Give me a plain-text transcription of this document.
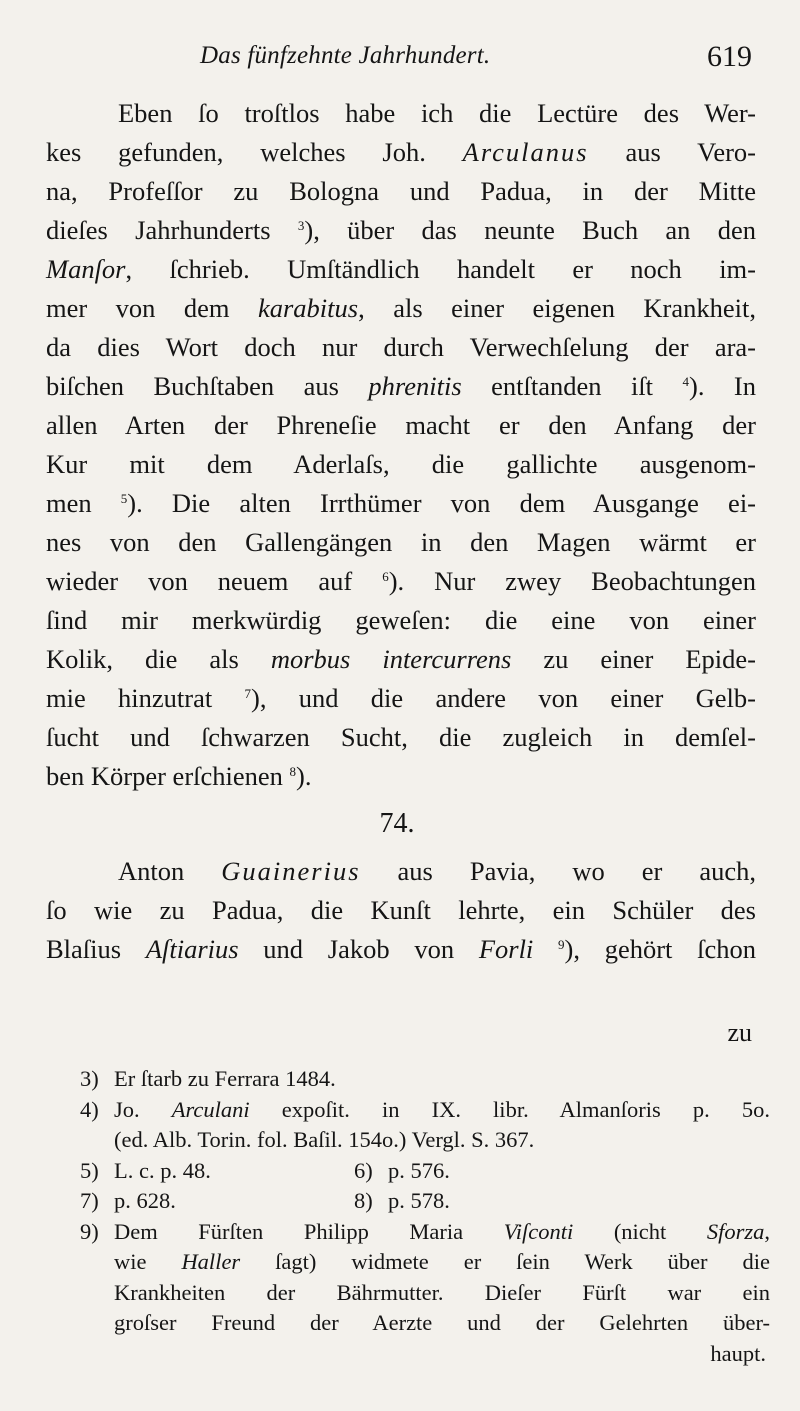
Das fünfzehnte Jahrhundert.	619
Eben ſo troſtlos habe ich die Lectüre des Wer-
kes gefunden, welches Joh. Arculanus aus Vero-
na, Profeſſor zu Bologna und Padua, in der Mitte
dieſes Jahrhunderts $^3$), über das neunte Buch an den
Manſor, ſchrieb. Umſtändlich handelt er noch im-
mer von dem karabitus, als einer eigenen Krankheit,
da dies Wort doch nur durch Verwechſelung der ara-
biſchen Buchſtaben aus phrenitis entſtanden iſt $^4$). In
allen Arten der Phreneſie macht er den Anfang der
Kur mit dem Aderlaſs, die gallichte ausgenom-
men $^5$). Die alten Irrthümer von dem Ausgange ei-
nes von den Gallengängen in den Magen wärmt er
wieder von neuem auf $^6$). Nur zwey Beobachtungen
ſind mir merkwürdig geweſen: die eine von einer
Kolik, die als morbus intercurrens zu einer Epide-
mie hinzutrat $^7$), und die andere von einer Gelb-
ſucht und ſchwarzen Sucht, die zugleich in demſel-
ben Körper erſchienen $^8$).
74.
Anton Guainerius aus Pavia, wo er auch,
ſo wie zu Padua, die Kunſt lehrte, ein Schüler des
Blaſius Aſtiarius und Jakob von Forli $^9$), gehört ſchon
zu
3) Er ſtarb zu Ferrara 1484.
4) Jo. Arculani expoſit. in IX. libr. Almanſoris p. 5o.
(ed. Alb. Torin. fol. Baſil. 154o.) Vergl. S. 367.
5) L. c. p. 48.	6) p. 576.
7) p. 628.	8) p. 578.
9) Dem Fürſten Philipp Maria Viſconti (nicht Sforza,
wie Haller ſagt) widmete er ſein Werk über die
Krankheiten der Bährmutter. Dieſer Fürſt war ein
groſser Freund der Aerzte und der Gelehrten über-
haupt.
